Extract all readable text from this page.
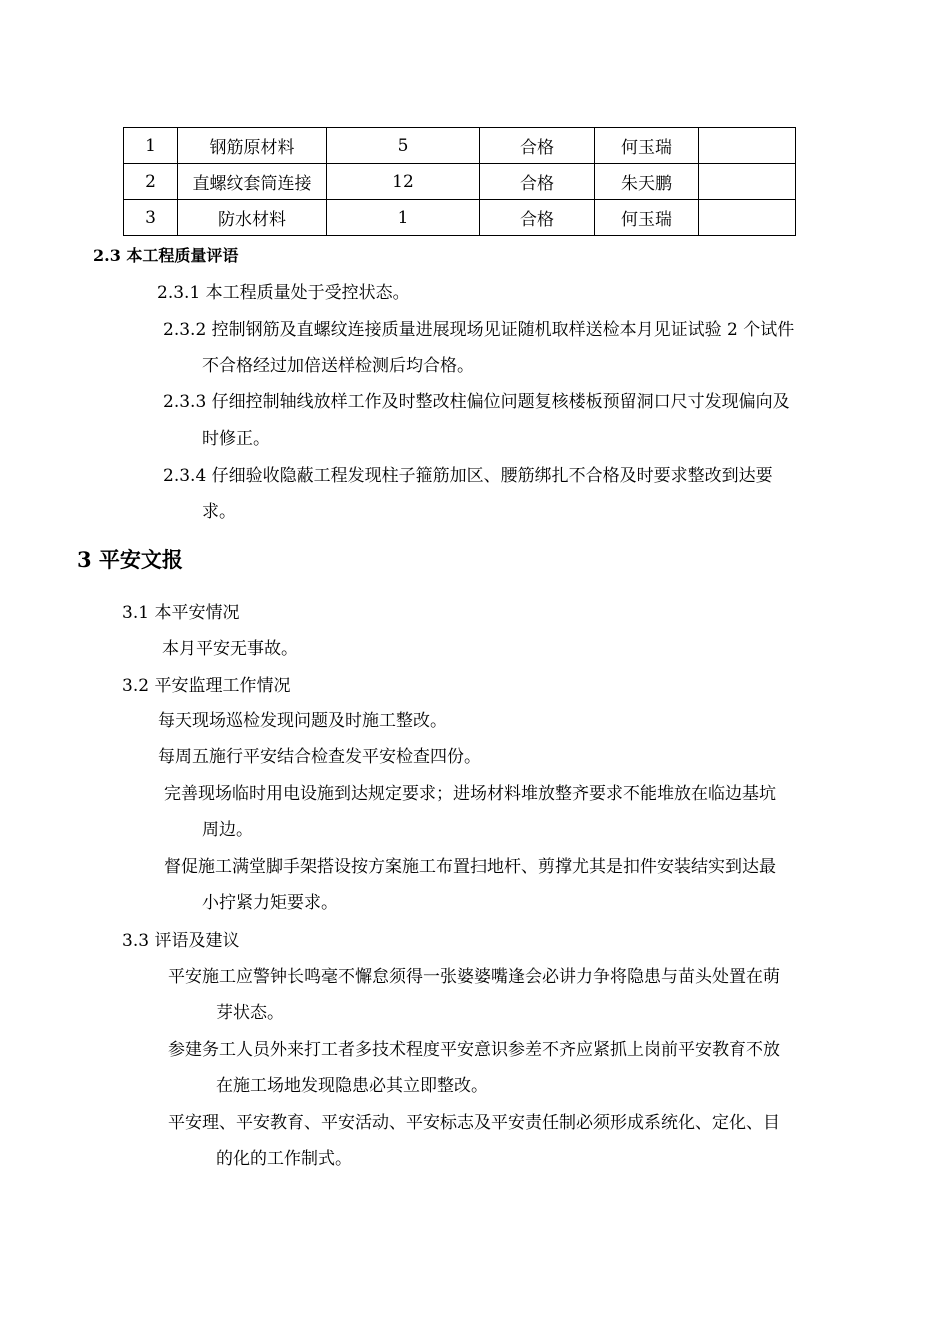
1	钢筋原材料	5	合格	何玉瑞	
2	直螺纹套筒连接	12	合格	朱天鹏	
3	防水材料	1	合格	何玉瑞	
2.3 本工程质量评语
2.3.1 本工程质量处于受控状态。
2.3.2 控制钢筋及直螺纹连接质量进展现场见证随机取样送检本月见证试验 2 个试件
不合格经过加倍送样检测后均合格。
2.3.3 仔细控制轴线放样工作及时整改柱偏位问题复核楼板预留洞口尺寸发现偏向及
时修正。
2.3.4 仔细验收隐蔽工程发现柱子箍筋加区、腰筋绑扎不合格及时要求整改到达要
求。
3 平安文报
3.1 本平安情况
本月平安无事故。
3.2 平安监理工作情况
每天现场巡检发现问题及时施工整改。
每周五施行平安结合检查发平安检查四份。
完善现场临时用电设施到达规定要求；进场材料堆放整齐要求不能堆放在临边基坑
周边。
督促施工满堂脚手架搭设按方案施工布置扫地杆、剪撑尤其是扣件安装结实到达最
小拧紧力矩要求。
3.3 评语及建议
平安施工应警钟长鸣毫不懈怠须得一张婆婆嘴逢会必讲力争将隐患与苗头处置在萌
芽状态。
参建务工人员外来打工者多技术程度平安意识参差不齐应紧抓上岗前平安教育不放
在施工场地发现隐患必其立即整改。
平安理、平安教育、平安活动、平安标志及平安责任制必须形成系统化、定化、目
的化的工作制式。
